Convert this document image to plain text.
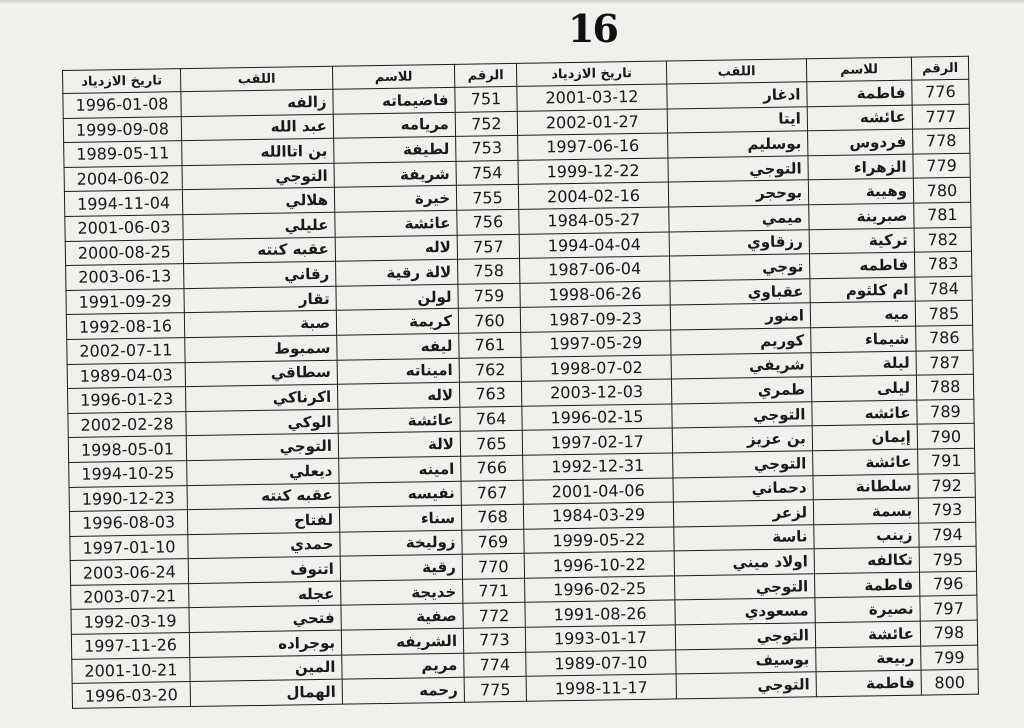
16
تاريخ الازدياد	اللقب	للاسم	الرقم	تاريخ الازدياد	اللقب	للاسم	الرقم
1996-01-08	زالفه	فاضيماته	751	2001-03-12	ادغار	فاطمة	776
1999-09-08	عبد الله	مريامه	752	2002-01-27	ايتا	عائشه	777
1989-05-11	بن اتاالله	لطيفة	753	1997-06-16	بوسليم	فردوس	778
2004-06-02	التوجي	شريفة	754	1999-12-22	التوجي	الزهراء	779
1994-11-04	هلالي	خيرة	755	2004-02-16	بوحجر	وهيبة	780
2001-06-03	عليلي	عائشة	756	1984-05-27	ميمي	صبرينة	781
2000-08-25	عقبه كنته	لاله	757	1994-04-04	رزقاوي	تركية	782
2003-06-13	رقاني	لالة رقية	758	1987-06-04	توجي	فاطمه	783
1991-09-29	تقار	لولن	759	1998-06-26	عقباوي	ام كلثوم	784
1992-08-16	صبة	كريمة	760	1987-09-23	امنور	ميه	785
2002-07-11	سمبوط	ليفه	761	1997-05-29	كوريم	شيماء	786
1989-04-03	سطاقي	اميناته	762	1998-07-02	شريفي	ليلة	787
1996-01-23	اكرناكي	لاله	763	2003-12-03	طمري	ليلى	788
2002-02-28	الوكي	عائشة	764	1996-02-15	التوجي	عائشه	789
1998-05-01	التوجي	لالة	765	1997-02-17	بن عزيز	إيمان	790
1994-10-25	ديعلي	امينه	766	1992-12-31	التوجي	عائشة	791
1990-12-23	عقبه كنته	نفيسه	767	2001-04-06	دحماني	سلطانة	792
1996-08-03	لفتاح	سناء	768	1984-03-29	لزعر	بسمة	793
1997-01-10	حمدي	زوليخة	769	1999-05-22	ناسة	زينب	794
2003-06-24	اتنوف	رقية	770	1996-10-22	اولاد ميني	تكالفه	795
2003-07-21	عجله	خديجة	771	1996-02-25	التوجي	فاطمة	796
1992-03-19	فتحي	صفية	772	1991-08-26	مسعودي	نصيرة	797
1997-11-26	بوجراده	الشريفه	773	1993-01-17	التوجي	عائشة	798
2001-10-21	المين	مريم	774	1989-07-10	بوسيف	ربيعة	799
1996-03-20	الهمال	رحمه	775	1998-11-17	التوجي	فاطمة	800
